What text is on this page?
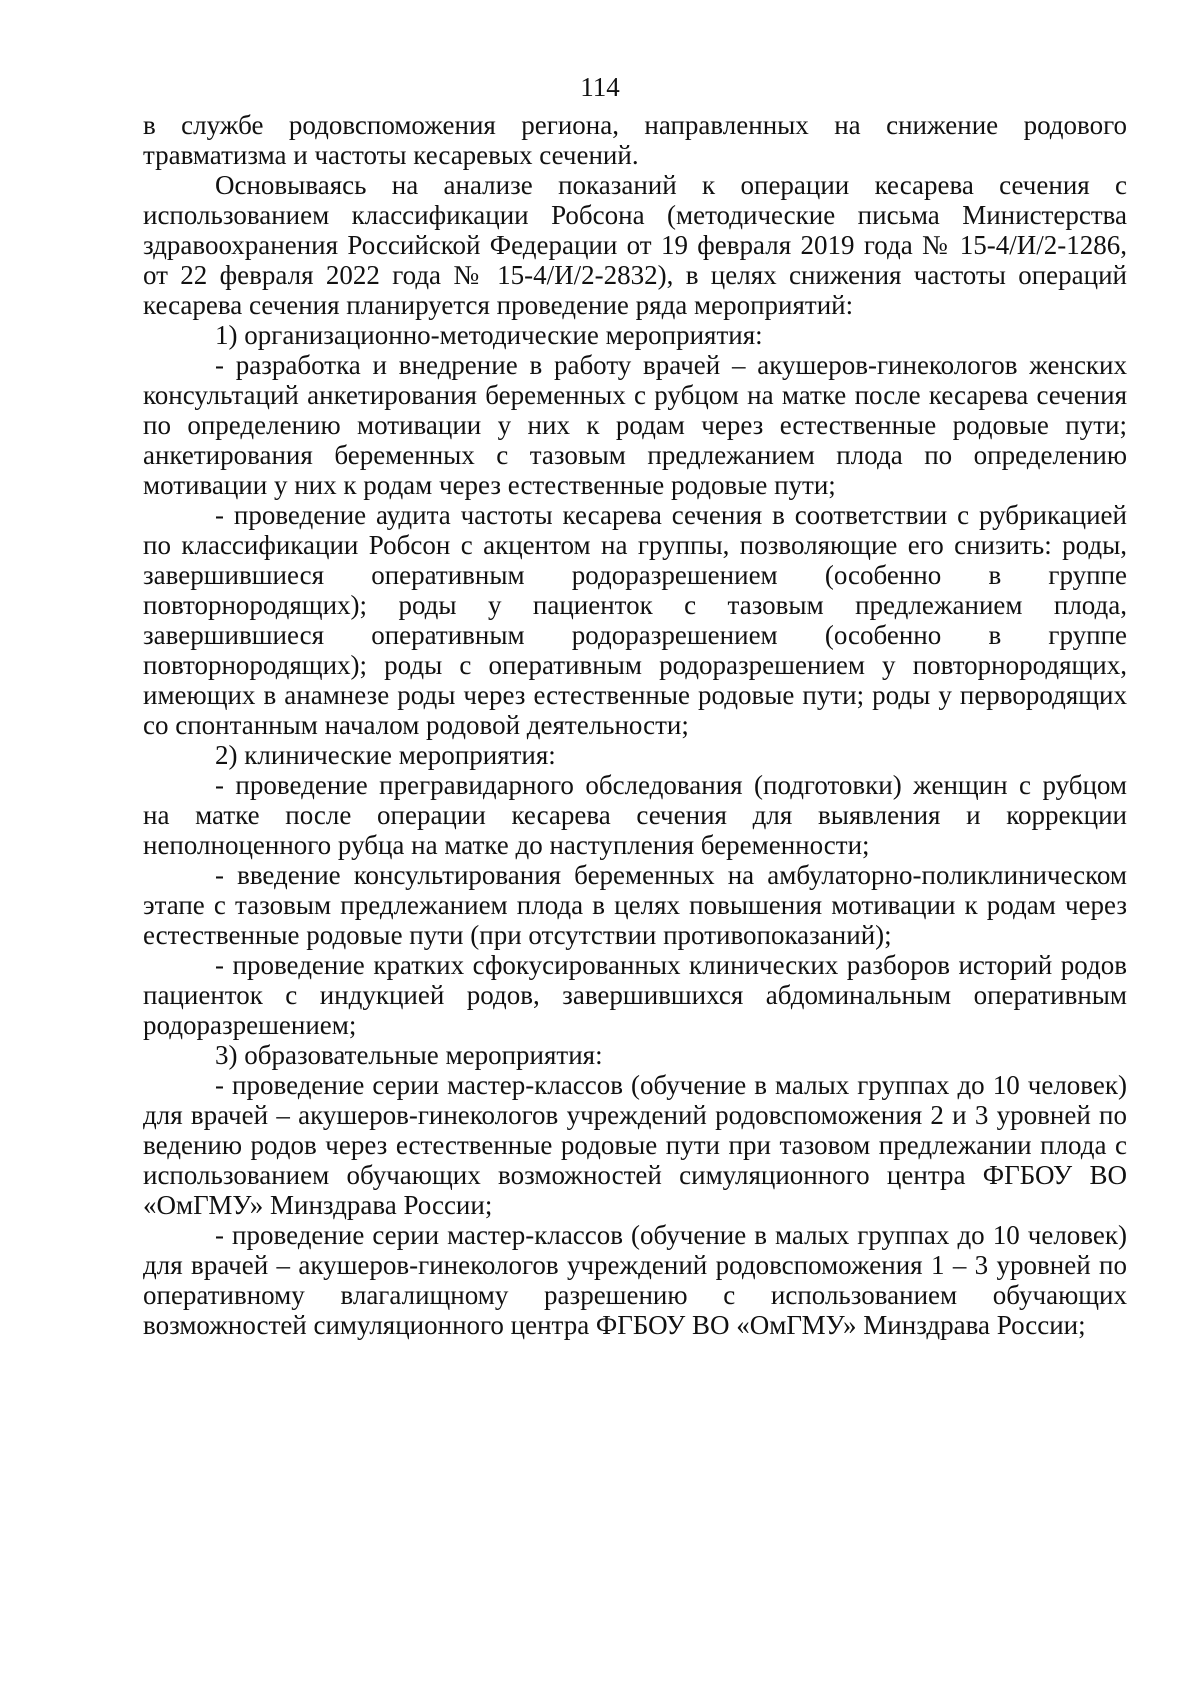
114

в службе родовспоможения региона, направленных на снижение родового травматизма и частоты кесаревых сечений.

Основываясь на анализе показаний к операции кесарева сечения с использованием классификации Робсона (методические письма Министерства здравоохранения Российской Федерации от 19 февраля 2019 года № 15-4/И/2-1286, от 22 февраля 2022 года № 15-4/И/2-2832), в целях снижения частоты операций кесарева сечения планируется проведение ряда мероприятий:

1) организационно-методические мероприятия:

- разработка и внедрение в работу врачей – акушеров-гинекологов женских консультаций анкетирования беременных с рубцом на матке после кесарева сечения по определению мотивации у них к родам через естественные родовые пути; анкетирования беременных с тазовым предлежанием плода по определению мотивации у них к родам через естественные родовые пути;

- проведение аудита частоты кесарева сечения в соответствии с рубрикацией по классификации Робсон с акцентом на группы, позволяющие его снизить: роды, завершившиеся оперативным родоразрешением (особенно в группе повторнородящих); роды у пациенток с тазовым предлежанием плода, завершившиеся оперативным родоразрешением (особенно в группе повторнородящих); роды с оперативным родоразрешением у повторнородящих, имеющих в анамнезе роды через естественные родовые пути; роды у первородящих со спонтанным началом родовой деятельности;

2) клинические мероприятия:

- проведение прегравидарного обследования (подготовки) женщин с рубцом на матке после операции кесарева сечения для выявления и коррекции неполноценного рубца на матке до наступления беременности;

- введение консультирования беременных на амбулаторно-поликлиническом этапе с тазовым предлежанием плода в целях повышения мотивации к родам через естественные родовые пути (при отсутствии противопоказаний);

- проведение кратких сфокусированных клинических разборов историй родов пациенток с индукцией родов, завершившихся абдоминальным оперативным родоразрешением;

3) образовательные мероприятия:

- проведение серии мастер-классов (обучение в малых группах до 10 человек) для врачей – акушеров-гинекологов учреждений родовспоможения 2 и 3 уровней по ведению родов через естественные родовые пути при тазовом предлежании плода с использованием обучающих возможностей симуляционного центра ФГБОУ ВО «ОмГМУ» Минздрава России;

- проведение серии мастер-классов (обучение в малых группах до 10 человек) для врачей – акушеров-гинекологов учреждений родовспоможения 1 – 3 уровней по оперативному влагалищному разрешению с использованием обучающих возможностей симуляционного центра ФГБОУ ВО «ОмГМУ» Минздрава России;
